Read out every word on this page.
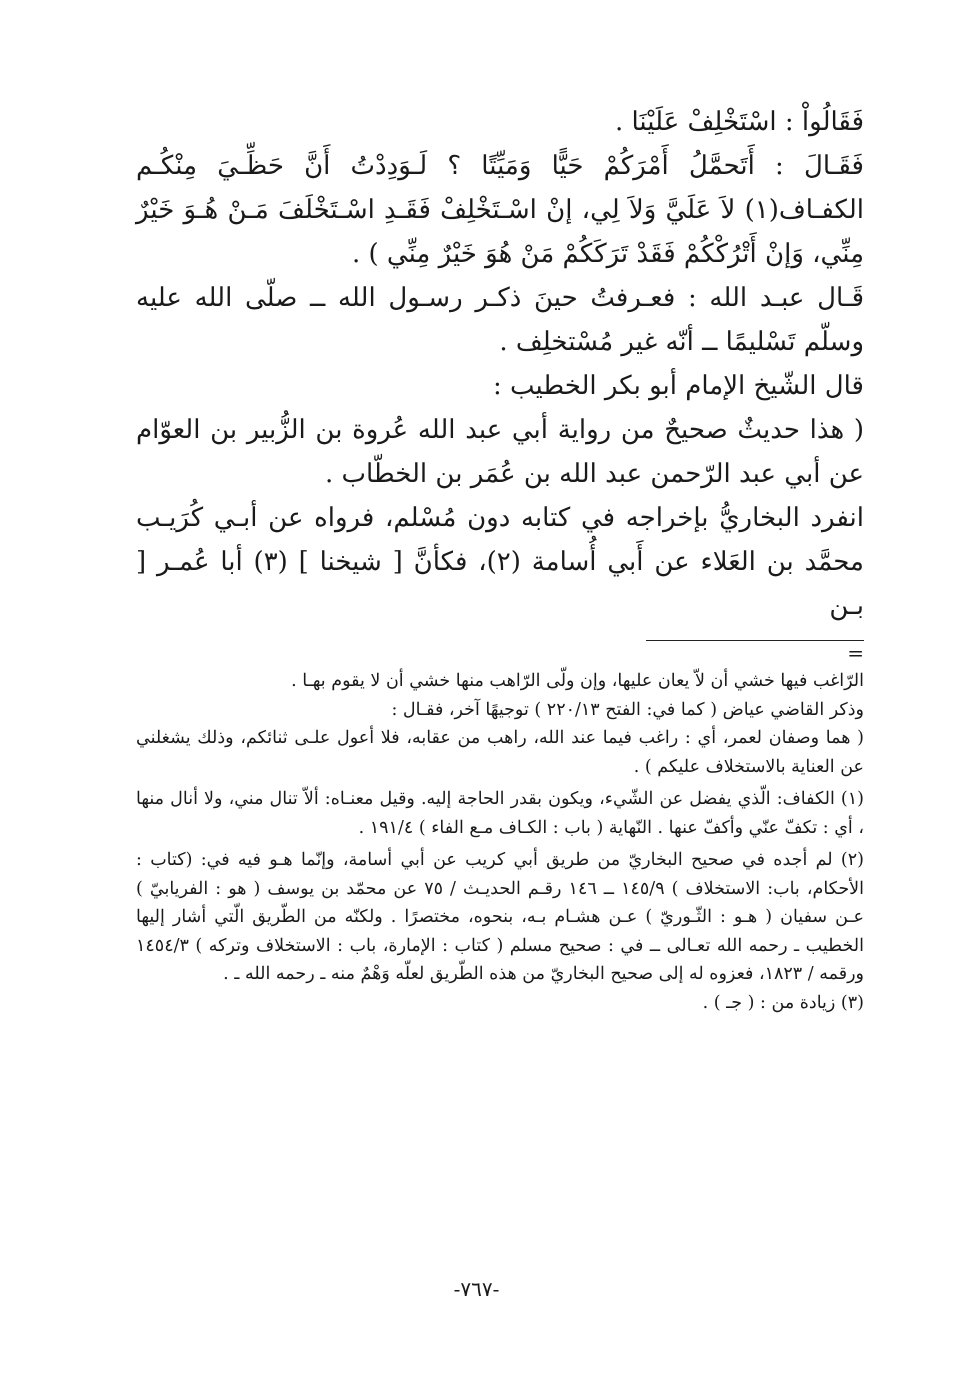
فَقَالُواْ : اسْتَخْلِفْ عَلَيْنَا .

فَقَـالَ : أَتَحمَّلُ أَمْرَكُمْ حَيًّا وَمَيِّتًا ؟ لَـوَدِدْتُ أَنَّ حَظِّـيَ مِنْكُـم الكفـاف(١) لاَ عَلَيَّ وَلاَ لِي، إنْ اسْـتَخْلِفْ فَقَـدِ اسْـتَخْلَفَ مَـنْ هُـوَ خَيْرٌ مِنِّي، وَإنْ أَتْرُكْكُمْ فَقَدْ تَرَكَكُمْ مَنْ هُوَ خَيْرٌ مِنِّي ) .

قَـال عبـد الله : فعـرفتُ حينَ ذكـر رسـول الله ــ صلّى الله عليه وسلّم تَسْليمًا ــ أنّه غير مُسْتخلِف .

قال الشّيخ الإمام أبو بكر الخطيب :

( هذا حديثٌ صحيحٌ من رواية أبي عبد الله عُروة بن الزُّبير بن العوّام عن أبي عبد الرّحمن عبد الله بن عُمَر بن الخطّاب .

انفرد البخاريُّ بإخراجه في كتابه دون مُسْلم، فرواه عن أبـي كُرَيـب محمَّد بن العَلاء عن أَبي أُسامة (٢)، فكأنَّ [ شيخنا ] (٣) أبا عُمـر [ بـن

=

الرّاغب فيها خشي أن لاّ يعان عليها، وإن ولّى الرّاهب منها خشي أن لا يقوم بهـا .

وذكر القاضي عياض ( كما في: الفتح ٢٢٠/١٣ ) توجيهًا آخر، فقـال :

( هما وصفان لعمر، أي : راغب فيما عند الله، راهب من عقابه، فلا أعول علـى ثنائكم، وذلك يشغلني عن العناية بالاستخلاف عليكم ) .

(١) الكفاف: الّذي يفضل عن الشّيء، ويكون بقدر الحاجة إليه. وقيل معنـاه: ألاّ تنال مني، ولا أنال منها ، أي : تكفّ عنّي وأكفّ عنها . النّهاية ( باب : الكـاف مـع الفاء ) ١٩١/٤ .

(٢) لم أجده في صحيح البخاريّ من طريق أبي كريب عن أبي أسامة، وإنّما هـو فيه في: (كتاب : الأحكام، باب: الاستخلاف ) ١٤٥/٩ ــ ١٤٦ رقـم الحديـث / ٧٥ عن محمّد بن يوسف ( هو : الفريابيّ ) عـن سفيان ( هـو : الثّـوريّ ) عـن هشـام بـه، بنحوه، مختصرًا . ولكنّه من الطّريق الّتي أشار إليها الخطيب ـ رحمه الله تعـالى ــ في : صحيح مسلم ( كتاب : الإمارة، باب : الاستخلاف وتركه ) ١٤٥٤/٣ ورقمه / ١٨٢٣، فعزوه له إلى صحيح البخاريّ من هذه الطّريق لعلّه وَهْمٌ منه ـ رحمه الله ـ .

(٣) زيادة من : ( جـ ) .

-٧٦٧-
